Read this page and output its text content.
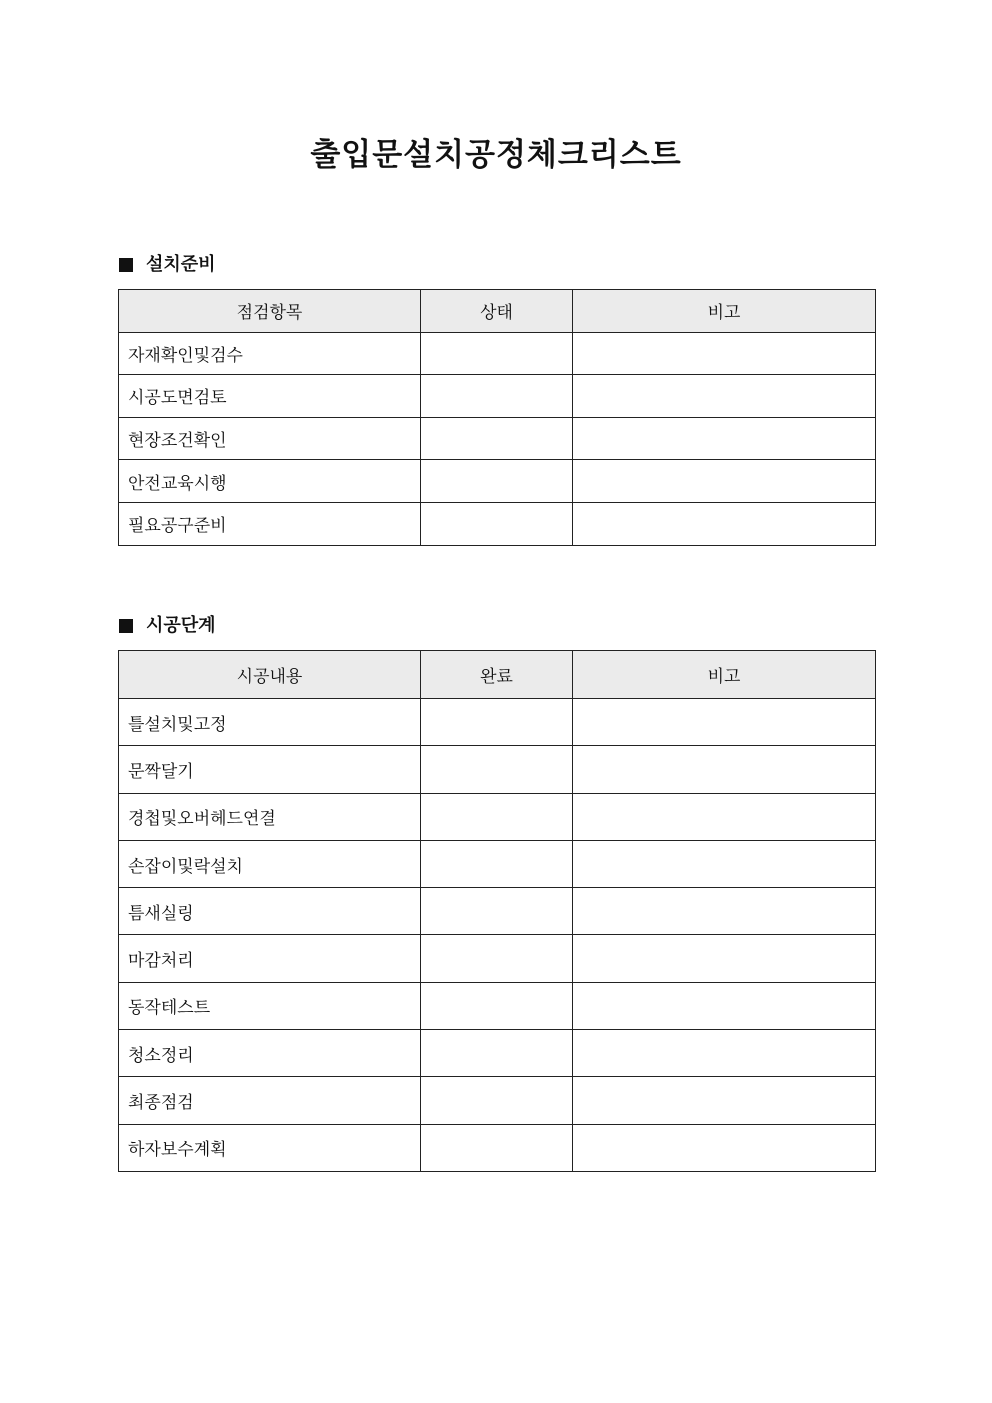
출입문설치공정체크리스트
설치준비
점검항목	상태	비고
자재확인및검수		
시공도면검토		
현장조건확인		
안전교육시행		
필요공구준비		
시공단계
시공내용	완료	비고
틀설치및고정		
문짝달기		
경첩및오버헤드연결		
손잡이및락설치		
틈새실링		
마감처리		
동작테스트		
청소정리		
최종점검		
하자보수계획		
